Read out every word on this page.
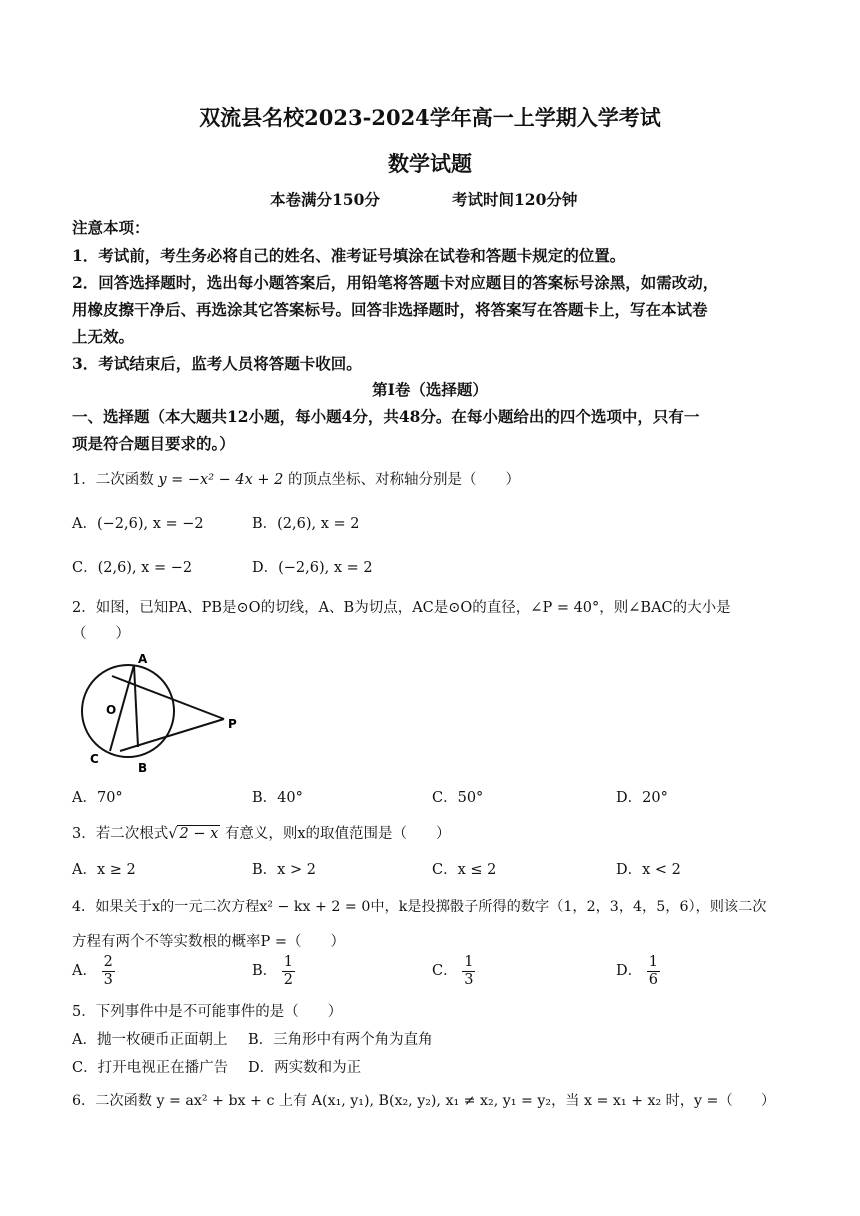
双流县名校2023-2024学年高一上学期入学考试
数学试题
本卷满分150分	考试时间120分钟
注意本项：
1．考试前，考生务必将自己的姓名、准考证号填涂在试卷和答题卡规定的位置。
2．回答选择题时，选出每小题答案后，用铅笔将答题卡对应题目的答案标号涂黑，如需改动，
用橡皮擦干净后、再选涂其它答案标号。回答非选择题时，将答案写在答题卡上，写在本试卷
上无效。
3．考试结束后，监考人员将答题卡收回。
第Ⅰ卷（选择题）
一、选择题（本大题共12小题，每小题4分，共48分。在每小题给出的四个选项中，只有一
项是符合题目要求的。）
1．二次函数 y = −x² − 4x + 2 的顶点坐标、对称轴分别是（　　）
A．(−2,6), x = −2	B．(2,6), x = 2
C．(2,6), x = −2	D．(−2,6), x = 2
2．如图，已知PA、PB是⊙O的切线，A、B为切点，AC是⊙O的直径，∠P = 40°，则∠BAC的大小是
（　　）
A
B
C
O
P
A．70°	B．40°	C．50°	D．20°
3．若二次根式√ 2 − x 有意义，则x的取值范围是（　　）
A．x ≥ 2	B．x > 2	C．x ≤ 2	D．x < 2
4．如果关于x的一元二次方程x² − kx + 2 = 0中，k是投掷骰子所得的数字（1，2，3，4，5，6），则该二次
方程有两个不等实数根的概率P =（　　）
A． $\frac{2}{3}$	B． $\frac{1}{2}$	C． $\frac{1}{3}$	D． $\frac{1}{6}$
5．下列事件中是不可能事件的是（　　）
A．抛一枚硬币正面朝上 B．三角形中有两个角为直角
C．打开电视正在播广告 D．两实数和为正
6．二次函数 y = ax² + bx + c 上有 A(x₁, y₁), B(x₂, y₂), x₁ ≠ x₂, y₁ = y₂，当 x = x₁ + x₂ 时，y =（　　）
